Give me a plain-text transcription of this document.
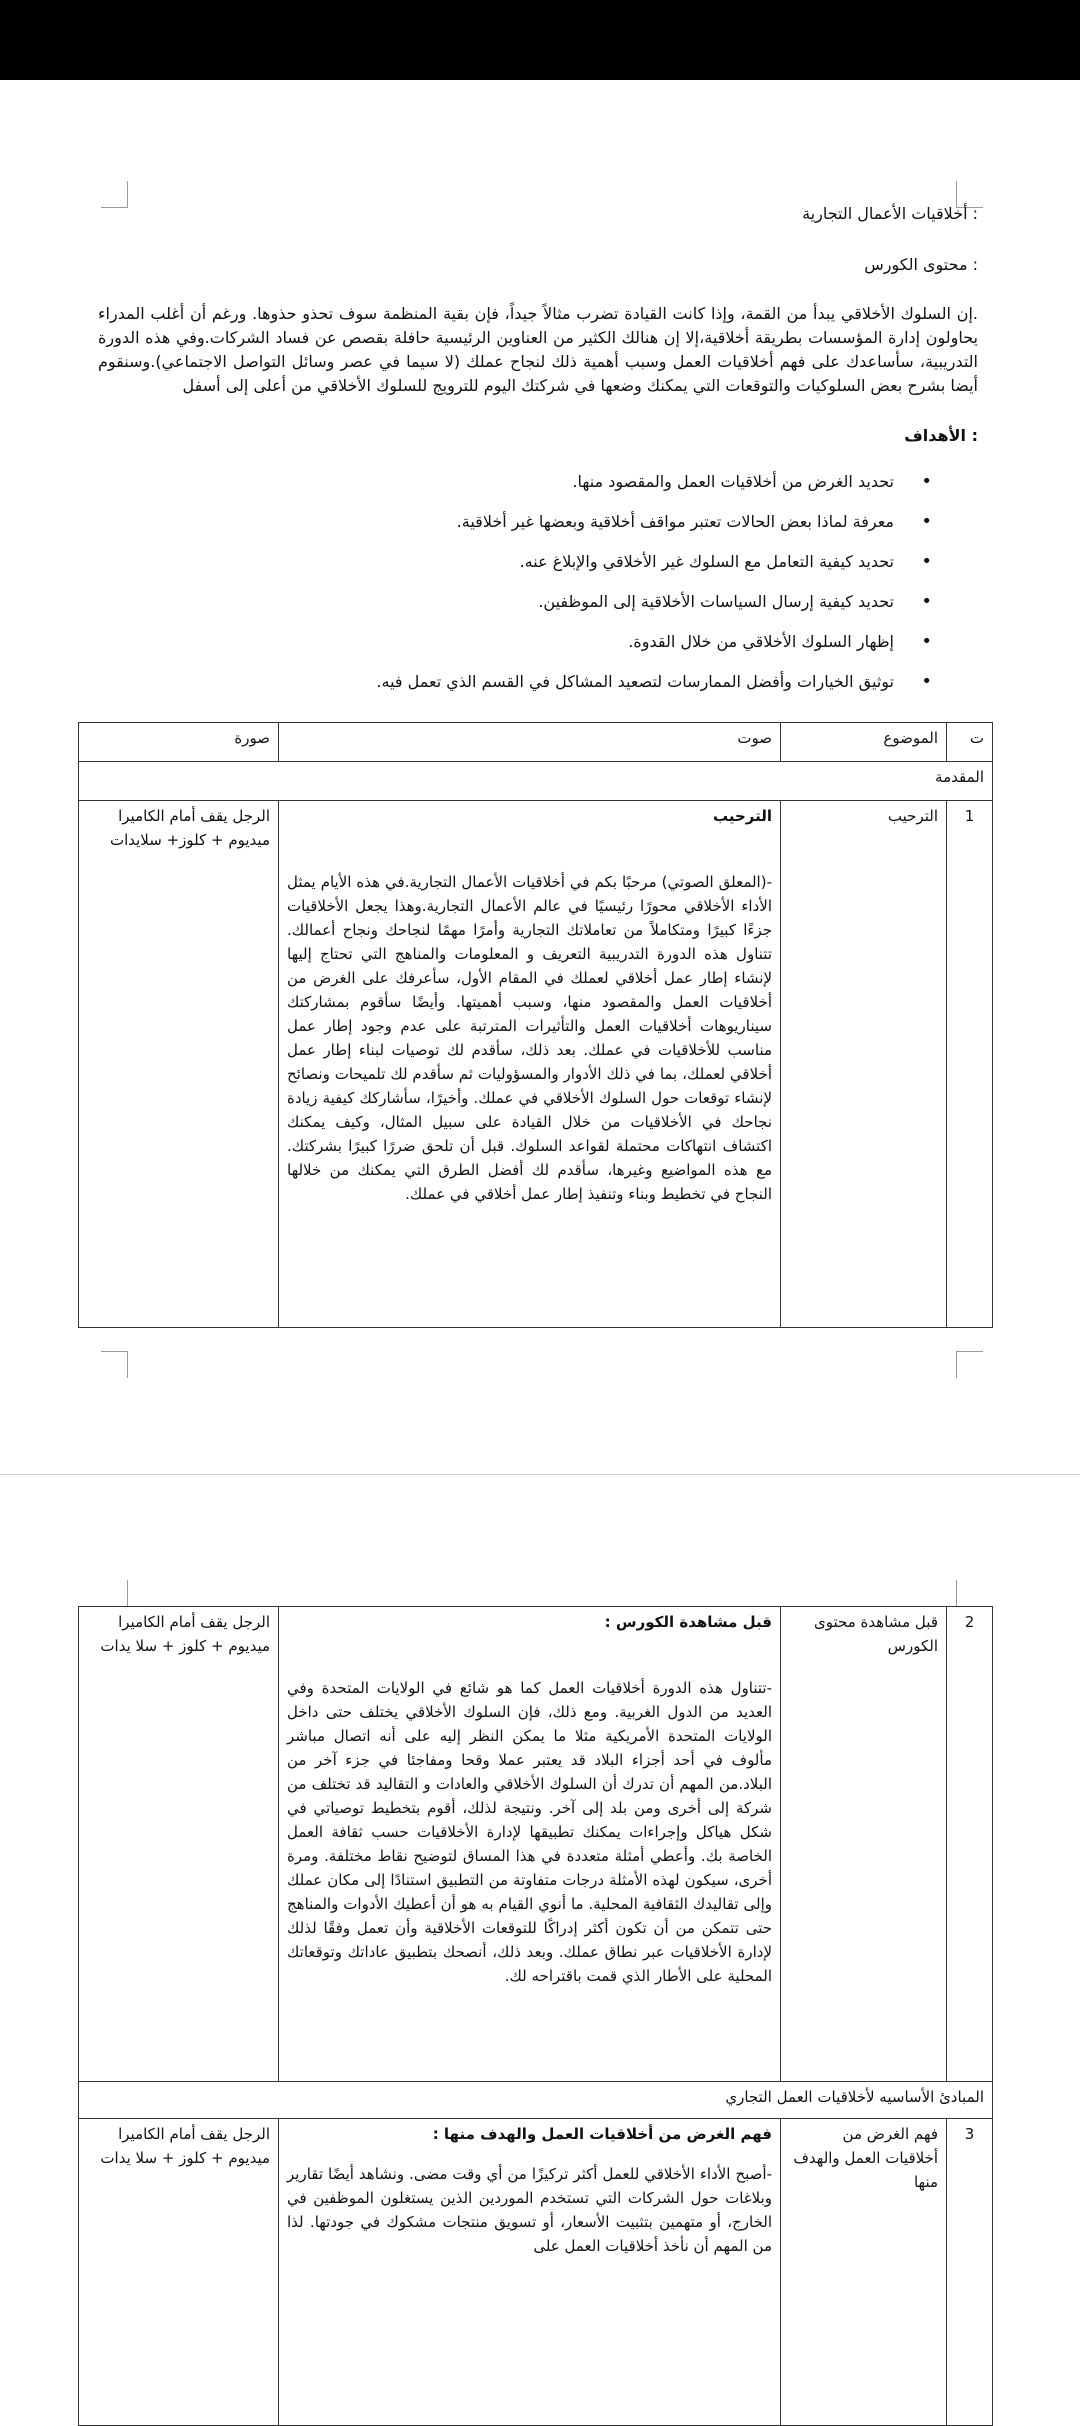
: أخلاقيات الأعمال التجارية
: محتوى الكورس
.إن السلوك الأخلاقي يبدأ من القمة، وإذا كانت القيادة تضرب مثالاً جيداً، فإن بقية المنظمة سوف تحذو حذوها. ورغم أن أغلب المدراء يحاولون إدارة المؤسسات بطريقة أخلاقية،إلا إن هنالك الكثير من العناوين الرئيسية حافلة بقصص عن فساد الشركات.وفي هذه الدورة التدريبية، سأساعدك على فهم أخلاقيات العمل وسبب أهمية ذلك لنجاح عملك (لا سيما في عصر وسائل التواصل الاجتماعي).وسنقوم أيضا بشرح بعض السلوكيات والتوقعات التي يمكنك وضعها في شركتك اليوم للترويج للسلوك الأخلاقي من أعلى إلى أسفل
: الأهداف
• تحديد الغرض من أخلاقيات العمل والمقصود منها.
• معرفة لماذا بعض الحالات تعتبر مواقف أخلاقية وبعضها غير أخلاقية.
• تحديد كيفية التعامل مع السلوك غير الأخلاقي والإبلاغ عنه.
• تحديد كيفية إرسال السياسات الأخلاقية إلى الموظفين.
• إظهار السلوك الأخلاقي من خلال القدوة.
• توثيق الخيارات وأفضل الممارسات لتصعيد المشاكل في القسم الذي تعمل فيه.
ت	الموضوع	صوت	صورة
المقدمة			
1	الترحيب	الترحيب
-(المعلق الصوتي) مرحبًا بكم في أخلاقيات الأعمال التجارية.في هذه الأيام يمثل الأداء الأخلاقي محورًا رئيسيًا في عالم الأعمال التجارية.وهذا يجعل الأخلاقيات جزءًا كبيرًا ومتكاملاً من تعاملاتك التجارية وأمرًا مهمًا لنجاحك ونجاح أعمالك. تتناول هذه الدورة التدريبية التعريف و المعلومات والمناهج التي تحتاج إليها لإنشاء إطار عمل أخلاقي لعملك في المقام الأول، سأعرفك على الغرض من أخلاقيات العمل والمقصود منها، وسبب أهميتها. وأيضًا سأقوم بمشاركتك سيناريوهات أخلاقيات العمل والتأثيرات المترتبة على عدم وجود إطار عمل مناسب للأخلاقيات في عملك. بعد ذلك، سأقدم لك توصيات لبناء إطار عمل أخلاقي لعملك، بما في ذلك الأدوار والمسؤوليات ثم سأقدم لك تلميحات ونصائح لإنشاء توقعات حول السلوك الأخلاقي في عملك. وأخيرًا، سأشاركك كيفية زيادة نجاحك في الأخلاقيات من خلال القيادة على سبيل المثال، وكيف يمكنك اكتشاف انتهاكات محتملة لقواعد السلوك. قبل أن تلحق ضررًا كبيرًا بشركتك. مع هذه المواضيع وغيرها، سأقدم لك أفضل الطرق التي يمكنك من خلالها النجاح في تخطيط وبناء وتنفيذ إطار عمل أخلاقي في عملك.	الرجل يقف أمام الكاميرا ميديوم + كلوز+ سلايدات
2	قبل مشاهدة محتوى الكورس	قبل مشاهدة الكورس :
-تتناول هذه الدورة أخلاقيات العمل كما هو شائع في الولايات المتحدة وفي العديد من الدول الغربية. ومع ذلك، فإن السلوك الأخلاقي يختلف حتى داخل الولايات المتحدة الأمريكية مثلا ما يمكن النظر إليه على أنه اتصال مباشر مألوف في أحد أجزاء البلاد قد يعتبر عملا وقحا ومفاجئا في جزء آخر من البلاد.من المهم أن تدرك أن السلوك الأخلاقي والعادات و التقاليد قد تختلف من شركة إلى أخرى ومن بلد إلى آخر. ونتيجة لذلك، أقوم بتخطيط توصياتي في شكل هياكل وإجراءات يمكنك تطبيقها لإدارة الأخلاقيات حسب ثقافة العمل الخاصة بك. وأعطي أمثلة متعددة في هذا المساق لتوضيح نقاط مختلفة. ومرة أخرى، سيكون لهذه الأمثلة درجات متفاوتة من التطبيق استنادًا إلى مكان عملك وإلى تقاليدك الثقافية المحلية. ما أنوي القيام به هو أن أعطيك الأدوات والمناهج حتى تتمكن من أن تكون أكثر إدراكًا للتوقعات الأخلاقية وأن تعمل وفقًا لذلك لإدارة الأخلاقيات عبر نطاق عملك. وبعد ذلك، أنصحك بتطبيق عاداتك وتوقعاتك المحلية على الأطار الذي قمت باقتراحه لك.	الرجل يقف أمام الكاميرا ميديوم + كلوز + سلا يدات
المبادئ الأساسيه لأخلاقيات العمل التجاري			
3	فهم الغرض من أخلاقيات العمل والهدف منها	فهم الغرض من أخلاقيات العمل والهدف منها :
-أصبح الأداء الأخلاقي للعمل أكثر تركيزًا من أي وقت مضى. ونشاهد أيضًا تقارير وبلاغات حول الشركات التي تستخدم الموردين الذين يستغلون الموظفين في الخارج، أو متهمين بتثبيت الأسعار، أو تسويق منتجات مشكوك في جودتها. لذا من المهم أن نأخذ أخلاقيات العمل على	الرجل يقف أمام الكاميرا ميديوم + كلوز + سلا يدات
